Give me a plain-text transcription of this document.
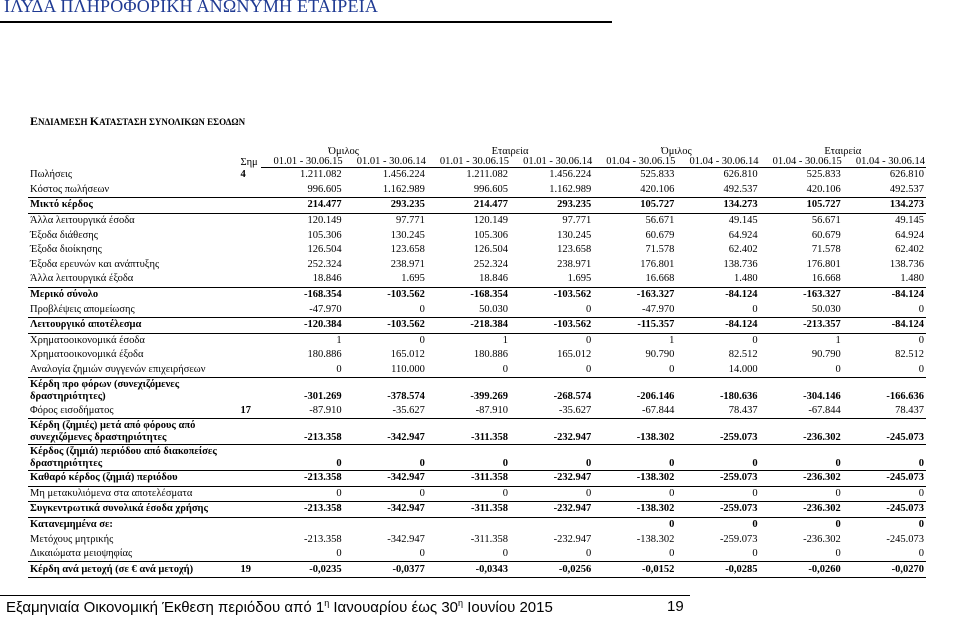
ΙΛΥΔΑ ΠΛΗΡΟΦΟΡΙΚΗ ΑΝΩΝΥΜΗ ΕΤΑΙΡΕΙΑ
ΕΝΔΙΑΜΕΣΗ ΚΑΤΑΣΤΑΣΗ ΣΥΝΟΛΙΚΩΝ ΕΣΟΔΩΝ
		Όμιλος		Εταιρεία		Όμιλος		Εταιρεία	
	Σημ	01.01 - 30.06.15	01.01 - 30.06.14	01.01 - 30.06.15	01.01 - 30.06.14	01.04 - 30.06.15	01.04 - 30.06.14	01.04 - 30.06.15	01.04 - 30.06.14
Πωλήσεις	4	1.211.082	1.456.224	1.211.082	1.456.224	525.833	626.810	525.833	626.810
Κόστος πωλήσεων		996.605	1.162.989	996.605	1.162.989	420.106	492.537	420.106	492.537
Μικτό κέρδος		214.477	293.235	214.477	293.235	105.727	134.273	105.727	134.273
Άλλα λειτουργικά έσοδα		120.149	97.771	120.149	97.771	56.671	49.145	56.671	49.145
Έξοδα διάθεσης		105.306	130.245	105.306	130.245	60.679	64.924	60.679	64.924
Έξοδα διοίκησης		126.504	123.658	126.504	123.658	71.578	62.402	71.578	62.402
Έξοδα ερευνών και ανάπτυξης		252.324	238.971	252.324	238.971	176.801	138.736	176.801	138.736
Άλλα λειτουργικά έξοδα		18.846	1.695	18.846	1.695	16.668	1.480	16.668	1.480
Μερικό σύνολο		-168.354	-103.562	-168.354	-103.562	-163.327	-84.124	-163.327	-84.124
Προβλέψεις απομείωσης		-47.970	0	50.030	0	-47.970	0	50.030	0
Λειτουργικό αποτέλεσμα		-120.384	-103.562	-218.384	-103.562	-115.357	-84.124	-213.357	-84.124
Χρηματοοικονομικά έσοδα		1	0	1	0	1	0	1	0
Χρηματοοικονομικά έξοδα		180.886	165.012	180.886	165.012	90.790	82.512	90.790	82.512
Αναλογία ζημιών συγγενών επιχειρήσεων		0	110.000	0	0	0	14.000	0	0
Κέρδη προ φόρων (συνεχιζόμενες δραστηριότητες)		-301.269	-378.574	-399.269	-268.574	-206.146	-180.636	-304.146	-166.636
Φόρος εισοδήματος	17	-87.910	-35.627	-87.910	-35.627	-67.844	78.437	-67.844	78.437
Κέρδη (ζημιές) μετά από φόρους από συνεχιζόμενες δραστηριότητες		-213.358	-342.947	-311.358	-232.947	-138.302	-259.073	-236.302	-245.073
Κέρδος (ζημιά) περιόδου από διακοπείσες δραστηριότητες		0	0	0	0	0	0	0	0
Καθαρό κέρδος (ζημιά) περιόδου		-213.358	-342.947	-311.358	-232.947	-138.302	-259.073	-236.302	-245.073
Μη μετακυλιόμενα στα αποτελέσματα		0	0	0	0	0	0	0	0
Συγκεντρωτικά συνολικά έσοδα χρήσης		-213.358	-342.947	-311.358	-232.947	-138.302	-259.073	-236.302	-245.073
Κατανεμημένα σε:						0	0	0	0
Μετόχους μητρικής		-213.358	-342.947	-311.358	-232.947	-138.302	-259.073	-236.302	-245.073
Δικαιώματα μειοψηφίας		0	0	0	0	0	0	0	0
Κέρδη ανά μετοχή (σε € ανά μετοχή)	19	-0,0235	-0,0377	-0,0343	-0,0256	-0,0152	-0,0285	-0,0260	-0,0270
Εξαμηνιαία Οικονομική Έκθεση περιόδου από $1^\eta$ Ιανουαρίου έως $30^\eta$ Ιουνίου 2015	19
